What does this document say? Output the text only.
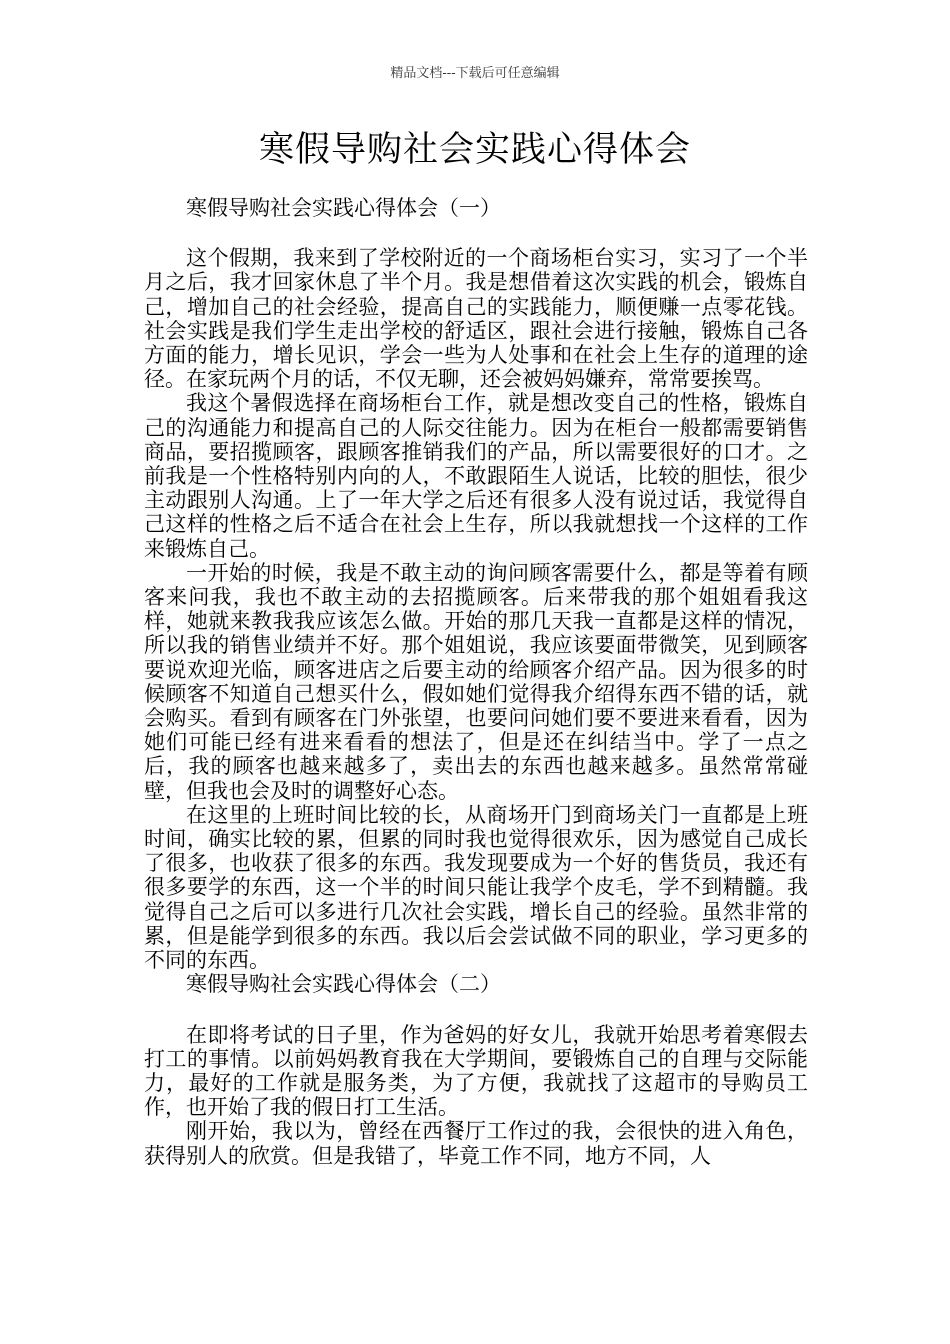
精品文档---下载后可任意编辑
寒假导购社会实践心得体会

寒假导购社会实践心得体会（一）

这个假期，我来到了学校附近的一个商场柜台实习，实习了一个半月之后，我才回家休息了半个月。我是想借着这次实践的机会，锻炼自己，增加自己的社会经验，提高自己的实践能力，顺便赚一点零花钱。社会实践是我们学生走出学校的舒适区，跟社会进行接触，锻炼自己各方面的能力，增长见识，学会一些为人处事和在社会上生存的道理的途径。在家玩两个月的话，不仅无聊，还会被妈妈嫌弃，常常要挨骂。

我这个暑假选择在商场柜台工作，就是想改变自己的性格，锻炼自己的沟通能力和提高自己的人际交往能力。因为在柜台一般都需要销售商品，要招揽顾客，跟顾客推销我们的产品，所以需要很好的口才。之前我是一个性格特别内向的人，不敢跟陌生人说话，比较的胆怯，很少主动跟别人沟通。上了一年大学之后还有很多人没有说过话，我觉得自己这样的性格之后不适合在社会上生存，所以我就想找一个这样的工作来锻炼自己。

一开始的时候，我是不敢主动的询问顾客需要什么，都是等着有顾客来问我，我也不敢主动的去招揽顾客。后来带我的那个姐姐看我这样，她就来教我我应该怎么做。开始的那几天我一直都是这样的情况，所以我的销售业绩并不好。那个姐姐说，我应该要面带微笑，见到顾客要说欢迎光临，顾客进店之后要主动的给顾客介绍产品。因为很多的时候顾客不知道自己想买什么，假如她们觉得我介绍得东西不错的话，就会购买。看到有顾客在门外张望，也要问问她们要不要进来看看，因为她们可能已经有进来看看的想法了，但是还在纠结当中。学了一点之后，我的顾客也越来越多了，卖出去的东西也越来越多。虽然常常碰壁，但我也会及时的调整好心态。

在这里的上班时间比较的长，从商场开门到商场关门一直都是上班时间，确实比较的累，但累的同时我也觉得很欢乐，因为感觉自己成长了很多，也收获了很多的东西。我发现要成为一个好的售货员，我还有很多要学的东西，这一个半的时间只能让我学个皮毛，学不到精髓。我觉得自己之后可以多进行几次社会实践，增长自己的经验。虽然非常的累，但是能学到很多的东西。我以后会尝试做不同的职业，学习更多的不同的东西。

寒假导购社会实践心得体会（二）

在即将考试的日子里，作为爸妈的好女儿，我就开始思考着寒假去打工的事情。以前妈妈教育我在大学期间，要锻炼自己的自理与交际能力，最好的工作就是服务类，为了方便，我就找了这超市的导购员工作，也开始了我的假日打工生活。

刚开始，我以为，曾经在西餐厅工作过的我，会很快的进入角色，获得别人的欣赏。但是我错了，毕竟工作不同，地方不同，人
